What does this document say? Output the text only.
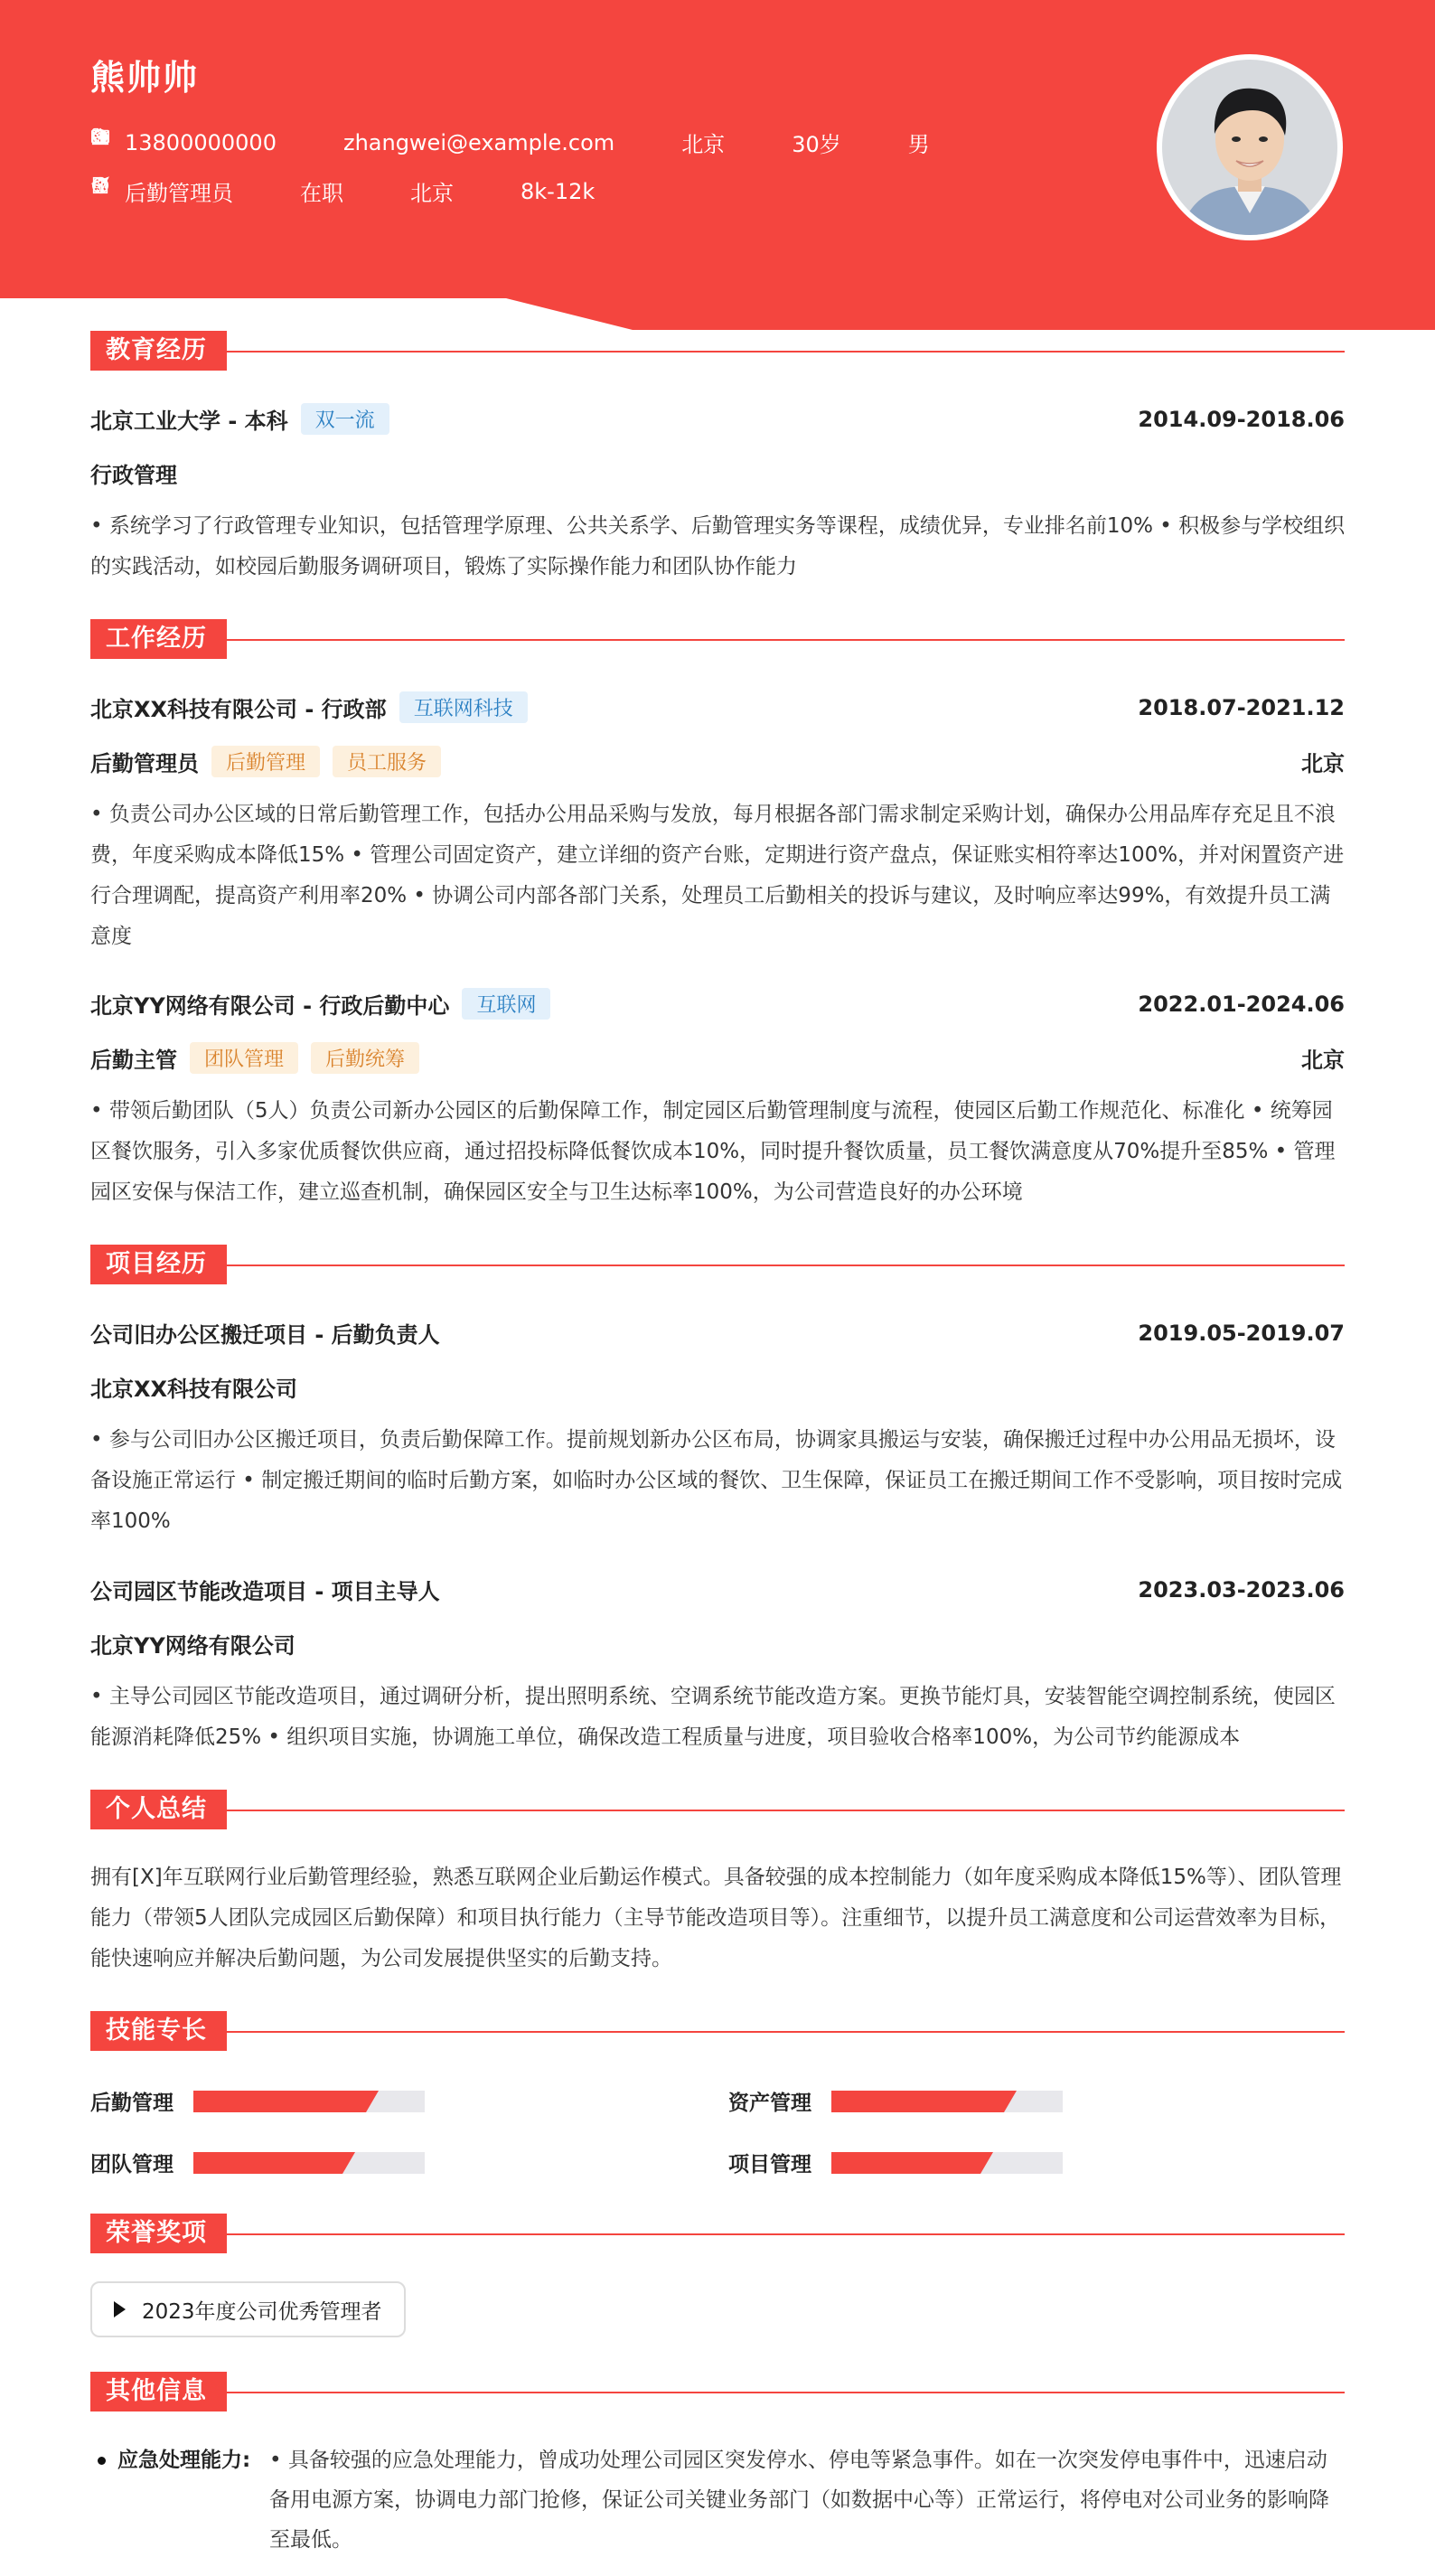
熊帅帅
13800000000	zhangwei@example.com	北京	30岁	男
后勤管理员	在职	北京	8k-12k
教育经历
北京工业大学 - 本科	双一流	2014.09-2018.06
行政管理
• 系统学习了行政管理专业知识，包括管理学原理、公共关系学、后勤管理实务等课程，成绩优异，专业排名前10% • 积极参与学校组织的实践活动，如校园后勤服务调研项目，锻炼了实际操作能力和团队协作能力
工作经历
北京XX科技有限公司 - 行政部	互联网科技	2018.07-2021.12
后勤管理员	后勤管理	员工服务	北京
• 负责公司办公区域的日常后勤管理工作，包括办公用品采购与发放，每月根据各部门需求制定采购计划，确保办公用品库存充足且不浪费，年度采购成本降低15% • 管理公司固定资产，建立详细的资产台账，定期进行资产盘点，保证账实相符率达100%，并对闲置资产进行合理调配，提高资产利用率20% • 协调公司内部各部门关系，处理员工后勤相关的投诉与建议，及时响应率达99%，有效提升员工满意度
北京YY网络有限公司 - 行政后勤中心	互联网	2022.01-2024.06
后勤主管	团队管理	后勤统筹	北京
• 带领后勤团队（5人）负责公司新办公园区的后勤保障工作，制定园区后勤管理制度与流程，使园区后勤工作规范化、标准化 • 统筹园区餐饮服务，引入多家优质餐饮供应商，通过招投标降低餐饮成本10%，同时提升餐饮质量，员工餐饮满意度从70%提升至85% • 管理园区安保与保洁工作，建立巡查机制，确保园区安全与卫生达标率100%，为公司营造良好的办公环境
项目经历
公司旧办公区搬迁项目 - 后勤负责人	2019.05-2019.07
北京XX科技有限公司
• 参与公司旧办公区搬迁项目，负责后勤保障工作。提前规划新办公区布局，协调家具搬运与安装，确保搬迁过程中办公用品无损坏，设备设施正常运行 • 制定搬迁期间的临时后勤方案，如临时办公区域的餐饮、卫生保障，保证员工在搬迁期间工作不受影响，项目按时完成率100%
公司园区节能改造项目 - 项目主导人	2023.03-2023.06
北京YY网络有限公司
• 主导公司园区节能改造项目，通过调研分析，提出照明系统、空调系统节能改造方案。更换节能灯具，安装智能空调控制系统，使园区能源消耗降低25% • 组织项目实施，协调施工单位，确保改造工程质量与进度，项目验收合格率100%，为公司节约能源成本
个人总结
拥有[X]年互联网行业后勤管理经验，熟悉互联网企业后勤运作模式。具备较强的成本控制能力（如年度采购成本降低15%等）、团队管理能力（带领5人团队完成园区后勤保障）和项目执行能力（主导节能改造项目等）。注重细节，以提升员工满意度和公司运营效率为目标，能快速响应并解决后勤问题，为公司发展提供坚实的后勤支持。
技能专长
后勤管理	资产管理
团队管理	项目管理
荣誉奖项
2023年度公司优秀管理者
其他信息
应急处理能力: • 具备较强的应急处理能力，曾成功处理公司园区突发停水、停电等紧急事件。如在一次突发停电事件中，迅速启动备用电源方案，协调电力部门抢修，保证公司关键业务部门（如数据中心等）正常运行，将停电对公司业务的影响降至最低。
